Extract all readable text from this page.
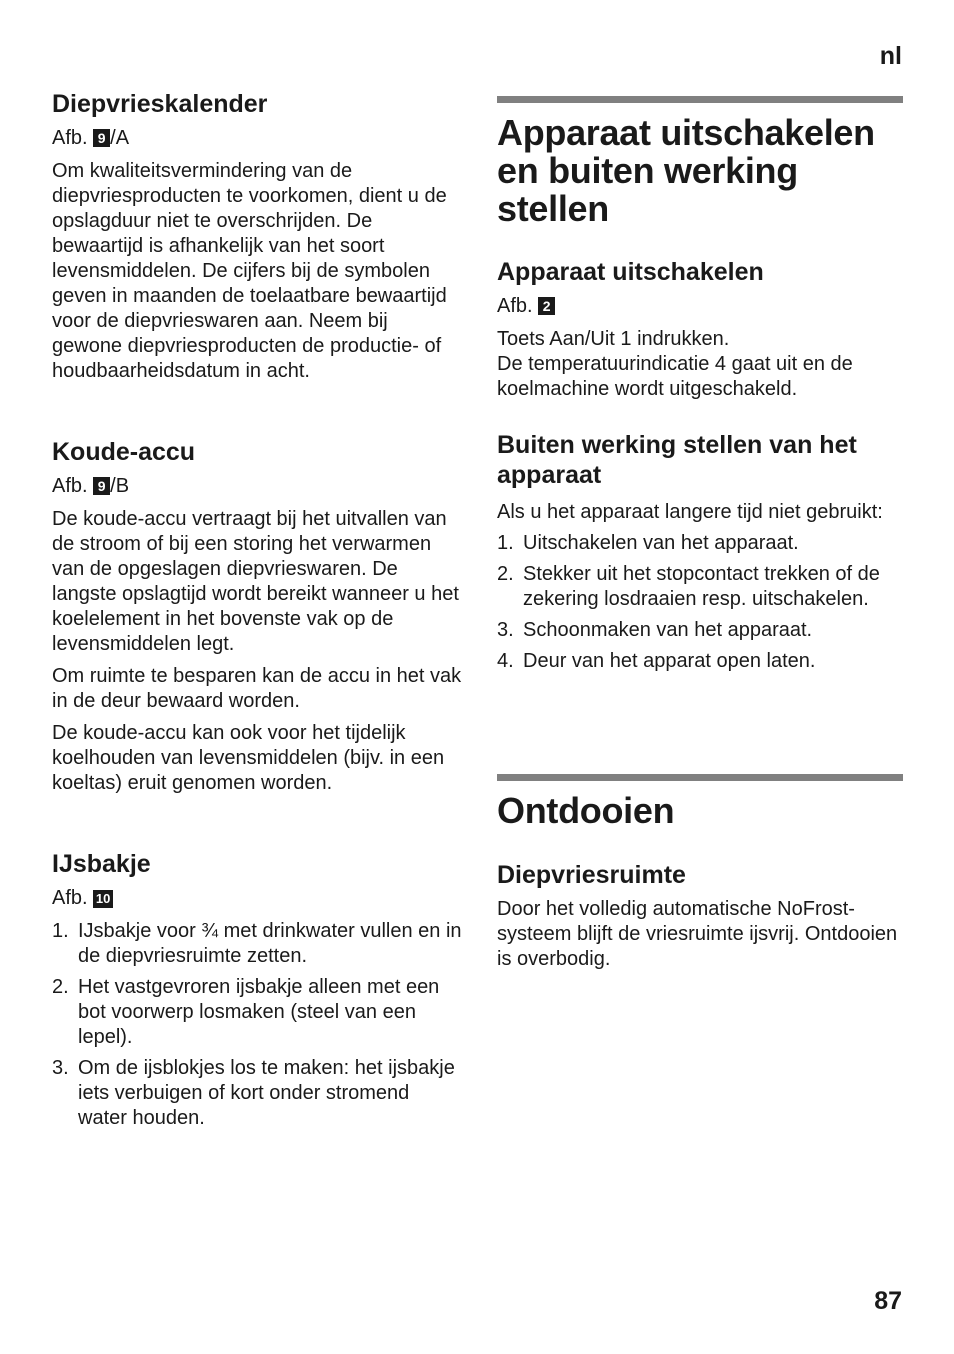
nl
Diepvrieskalender

Afb. 9 /A

Om kwaliteitsvermindering van de diepvriesproducten te voorkomen, dient u de opslagduur niet te overschrijden. De bewaartijd is afhankelijk van het soort levensmiddelen. De cijfers bij de symbolen geven in maanden de toelaatbare bewaartijd voor de diepvrieswaren aan. Neem bij gewone diepvriesproducten de productie- of houdbaarheidsdatum in acht.

Koude-accu

Afb. 9 /B

De koude-accu vertraagt bij het uitvallen van de stroom of bij een storing het verwarmen van de opgeslagen diepvrieswaren. De langste opslagtijd wordt bereikt wanneer u het koelelement in het bovenste vak op de levensmiddelen legt.

Om ruimte te besparen kan de accu in het vak in de deur bewaard worden.

De koude-accu kan ook voor het tijdelijk koelhouden van levensmiddelen (bijv. in een koeltas) eruit genomen worden.

IJsbakje

Afb. 10

1. IJsbakje voor ¾ met drinkwater vullen en in de diepvriesruimte zetten.
2. Het vastgevroren ijsbakje alleen met een bot voorwerp losmaken (steel van een lepel).
3. Om de ijsblokjes los te maken: het ijsbakje iets verbuigen of kort onder stromend water houden.
Apparaat uitschakelen en buiten werking stellen
Apparaat uitschakelen

Afb. 2

Toets Aan/Uit 1 indrukken.

De temperatuurindicatie 4 gaat uit en de koelmachine wordt uitgeschakeld.

Buiten werking stellen van het apparaat

Als u het apparaat langere tijd niet gebruikt:

1. Uitschakelen van het apparaat.
2. Stekker uit het stopcontact trekken of de zekering losdraaien resp. uitschakelen.
3. Schoonmaken van het apparaat.
4. Deur van het apparat open laten.
Ontdooien
Diepvriesruimte

Door het volledig automatische NoFrost-systeem blijft de vriesruimte ijsvrij. Ontdooien is overbodig.

87
